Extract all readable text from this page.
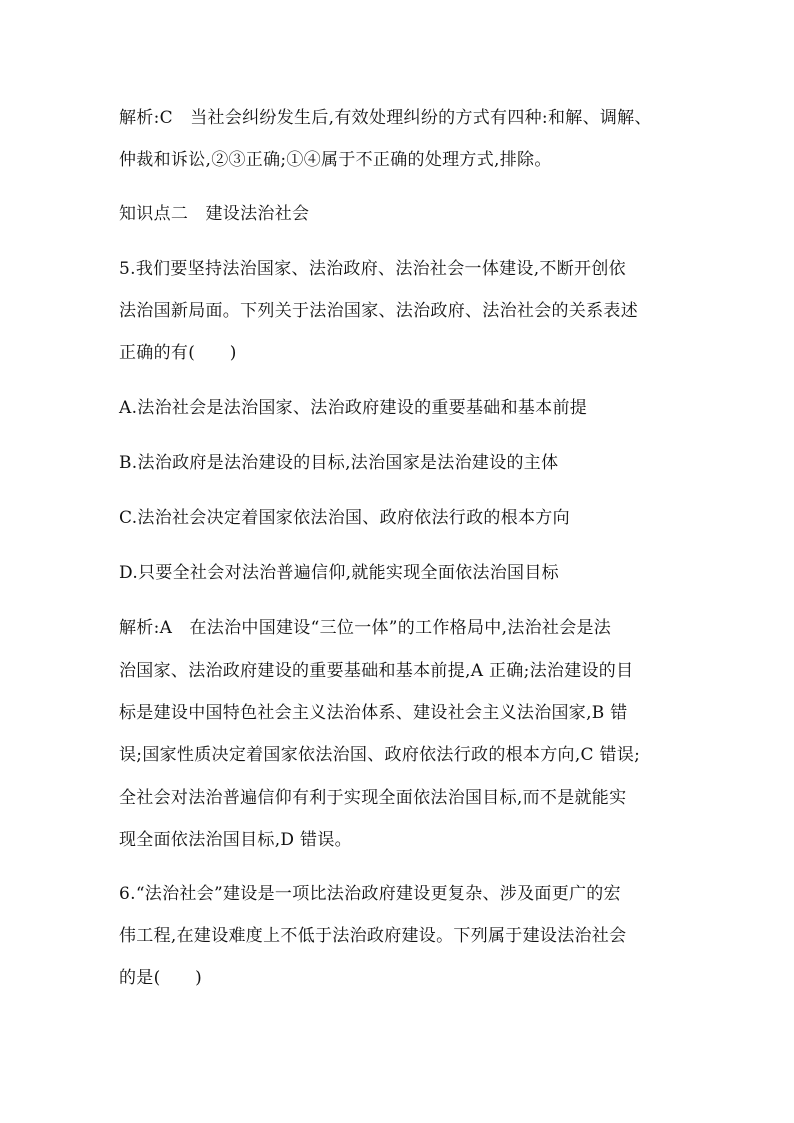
解析:C　当社会纠纷发生后,有效处理纠纷的方式有四种:和解、调解、
仲裁和诉讼,②③正确;①④属于不正确的处理方式,排除。
知识点二　建设法治社会
5.我们要坚持法治国家、法治政府、法治社会一体建设,不断开创依
法治国新局面。下列关于法治国家、法治政府、法治社会的关系表述
正确的有(　　)
A.法治社会是法治国家、法治政府建设的重要基础和基本前提
B.法治政府是法治建设的目标,法治国家是法治建设的主体
C.法治社会决定着国家依法治国、政府依法行政的根本方向
D.只要全社会对法治普遍信仰,就能实现全面依法治国目标
解析:A　在法治中国建设“三位一体”的工作格局中,法治社会是法
治国家、法治政府建设的重要基础和基本前提,A 正确;法治建设的目
标是建设中国特色社会主义法治体系、建设社会主义法治国家,B 错
误;国家性质决定着国家依法治国、政府依法行政的根本方向,C 错误;
全社会对法治普遍信仰有利于实现全面依法治国目标,而不是就能实
现全面依法治国目标,D 错误。
6.“法治社会”建设是一项比法治政府建设更复杂、涉及面更广的宏
伟工程,在建设难度上不低于法治政府建设。下列属于建设法治社会
的是(　　)
